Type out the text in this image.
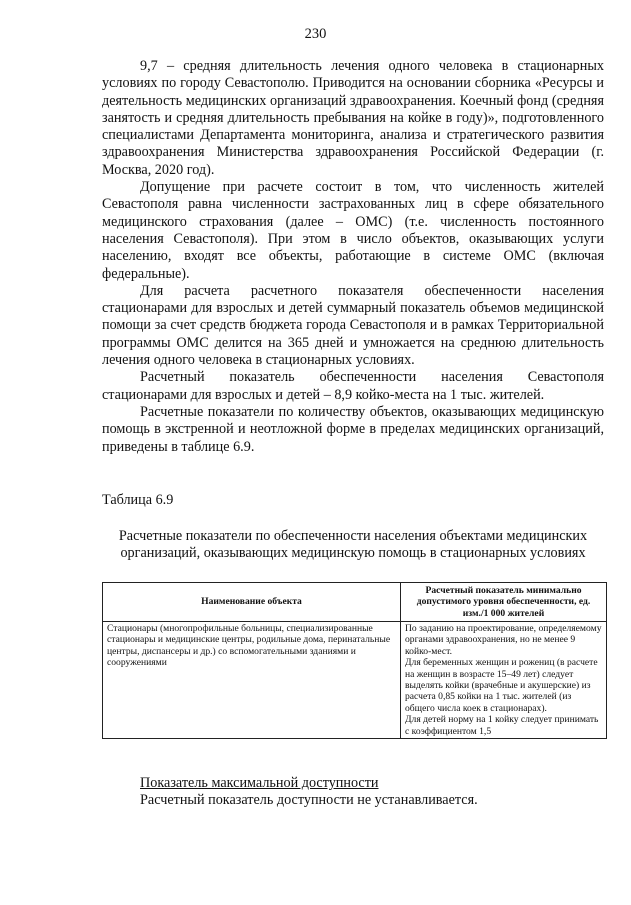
230

9,7 – средняя длительность лечения одного человека в стационарных условиях по городу Севастополю. Приводится на основании сборника «Ресурсы и деятельность медицинских организаций здравоохранения. Коечный фонд (средняя занятость и средняя длительность пребывания на койке в году)», подготовленного специалистами Департамента мониторинга, анализа и стратегического развития здравоохранения Министерства здравоохранения Российской Федерации (г. Москва, 2020 год).

Допущение при расчете состоит в том, что численность жителей Севастополя равна численности застрахованных лиц в сфере обязательного медицинского страхования (далее – ОМС) (т.е. численность постоянного населения Севастополя). При этом в число объектов, оказывающих услуги населению, входят все объекты, работающие в системе ОМС (включая федеральные).

Для расчета расчетного показателя обеспеченности населения стационарами для взрослых и детей суммарный показатель объемов медицинской помощи за счет средств бюджета города Севастополя и в рамках Территориальной программы ОМС делится на 365 дней и умножается на среднюю длительность лечения одного человека в стационарных условиях.

Расчетный показатель обеспеченности населения Севастополя стационарами для взрослых и детей – 8,9 койко-места на 1 тыс. жителей.

Расчетные показатели по количеству объектов, оказывающих медицинскую помощь в экстренной и неотложной форме в пределах медицинских организаций, приведены в таблице 6.9.

Таблица 6.9
Расчетные показатели по обеспеченности населения объектами медицинских организаций, оказывающих медицинскую помощь в стационарных условиях
Наименование объекта	Расчетный показатель минимально допустимого уровня обеспеченности, ед. изм./1 000 жителей
Стационары (многопрофильные больницы, специализированные стационары и медицинские центры, родильные дома, перинатальные центры, диспансеры и др.) со вспомогательными зданиями и сооружениями	По заданию на проектирование, определяемому органами здравоохранения, но не менее 9 койко-мест.
Для беременных женщин и рожениц (в расчете на женщин в возрасте 15–49 лет) следует выделять койки (врачебные и акушерские) из расчета 0,85 койки на 1 тыс. жителей (из общего числа коек в стационарах).
Для детей норму на 1 койку следует принимать с коэффициентом 1,5
Показатель максимальной доступности
Расчетный показатель доступности не устанавливается.
